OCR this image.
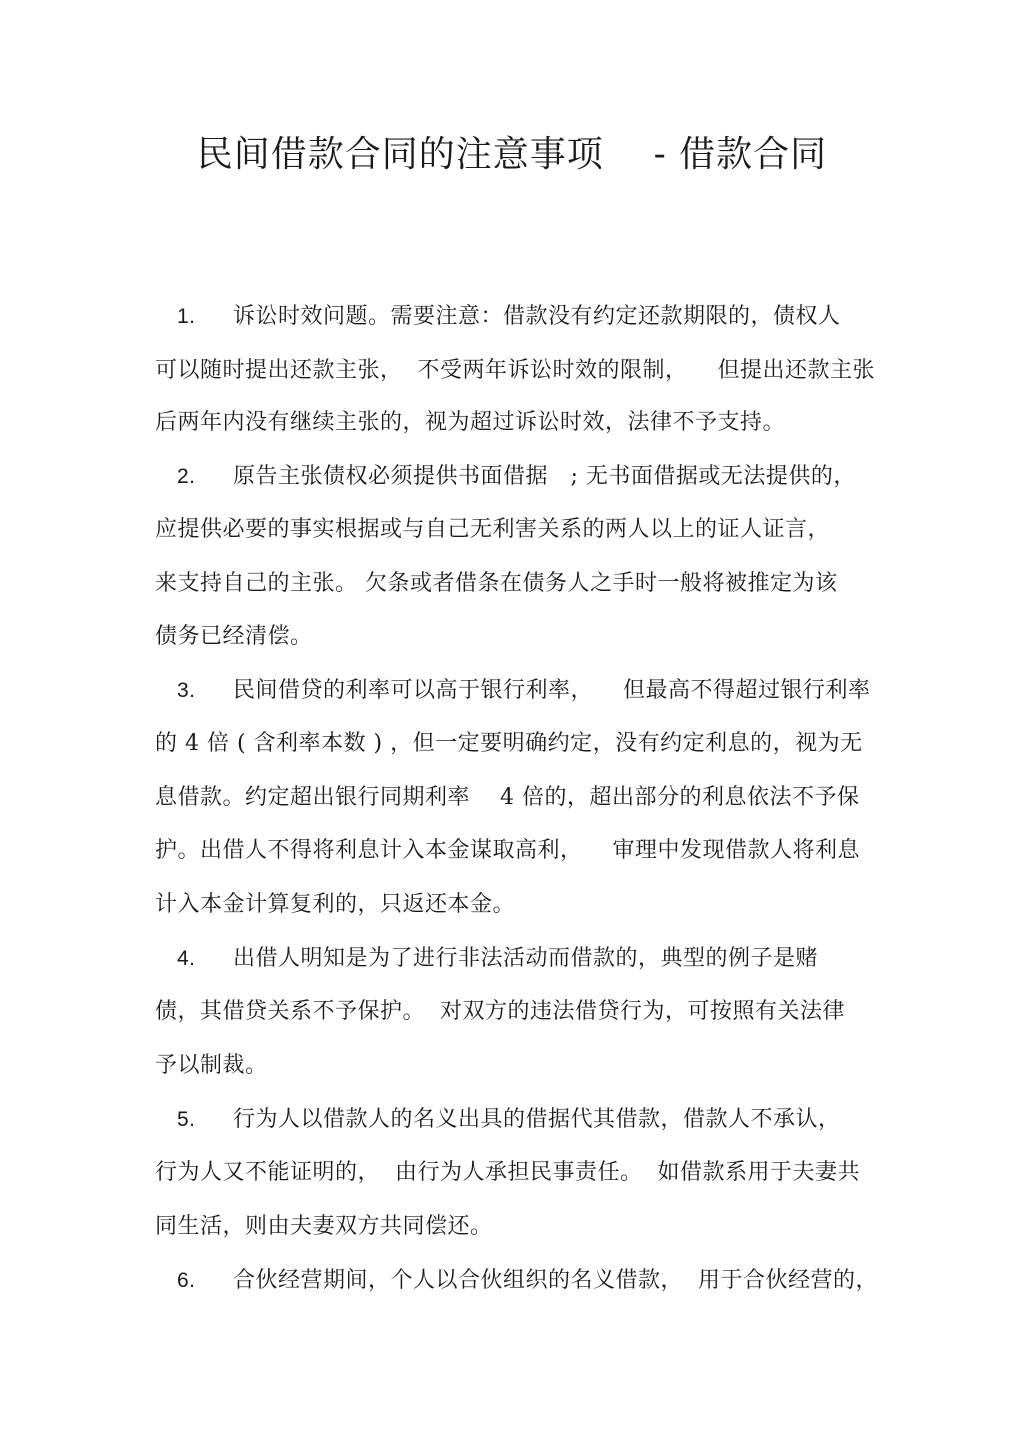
民间借款合同的注意事项    - 借款合同
1. 诉讼时效问题。需要注意：借款没有约定还款期限的，债权人
可以随时提出还款主张，  不受两年诉讼时效的限制，    但提出还款主张
后两年内没有继续主张的，视为超过诉讼时效，法律不予支持。
2. 原告主张债权必须提供书面借据   ; 无书面借据或无法提供的，
应提供必要的事实根据或与自己无利害关系的两人以上的证人证言，
来支持自己的主张。 欠条或者借条在债务人之手时一般将被推定为该
债务已经清偿。
3. 民间借贷的利率可以高于银行利率，    但最高不得超过银行利率
的 4 倍 ( 含利率本数 ) ，但一定要明确约定，没有约定利息的，视为无
息借款。约定超出银行同期利率    4 倍的，超出部分的利息依法不予保
护。出借人不得将利息计入本金谋取高利，    审理中发现借款人将利息
计入本金计算复利的，只返还本金。
4. 出借人明知是为了进行非法活动而借款的，典型的例子是赌
债，其借贷关系不予保护。  对双方的违法借贷行为，可按照有关法律
予以制裁。
5. 行为人以借款人的名义出具的借据代其借款，借款人不承认，
行为人又不能证明的，  由行为人承担民事责任。  如借款系用于夫妻共
同生活，则由夫妻双方共同偿还。
6. 合伙经营期间，个人以合伙组织的名义借款，  用于合伙经营的，
